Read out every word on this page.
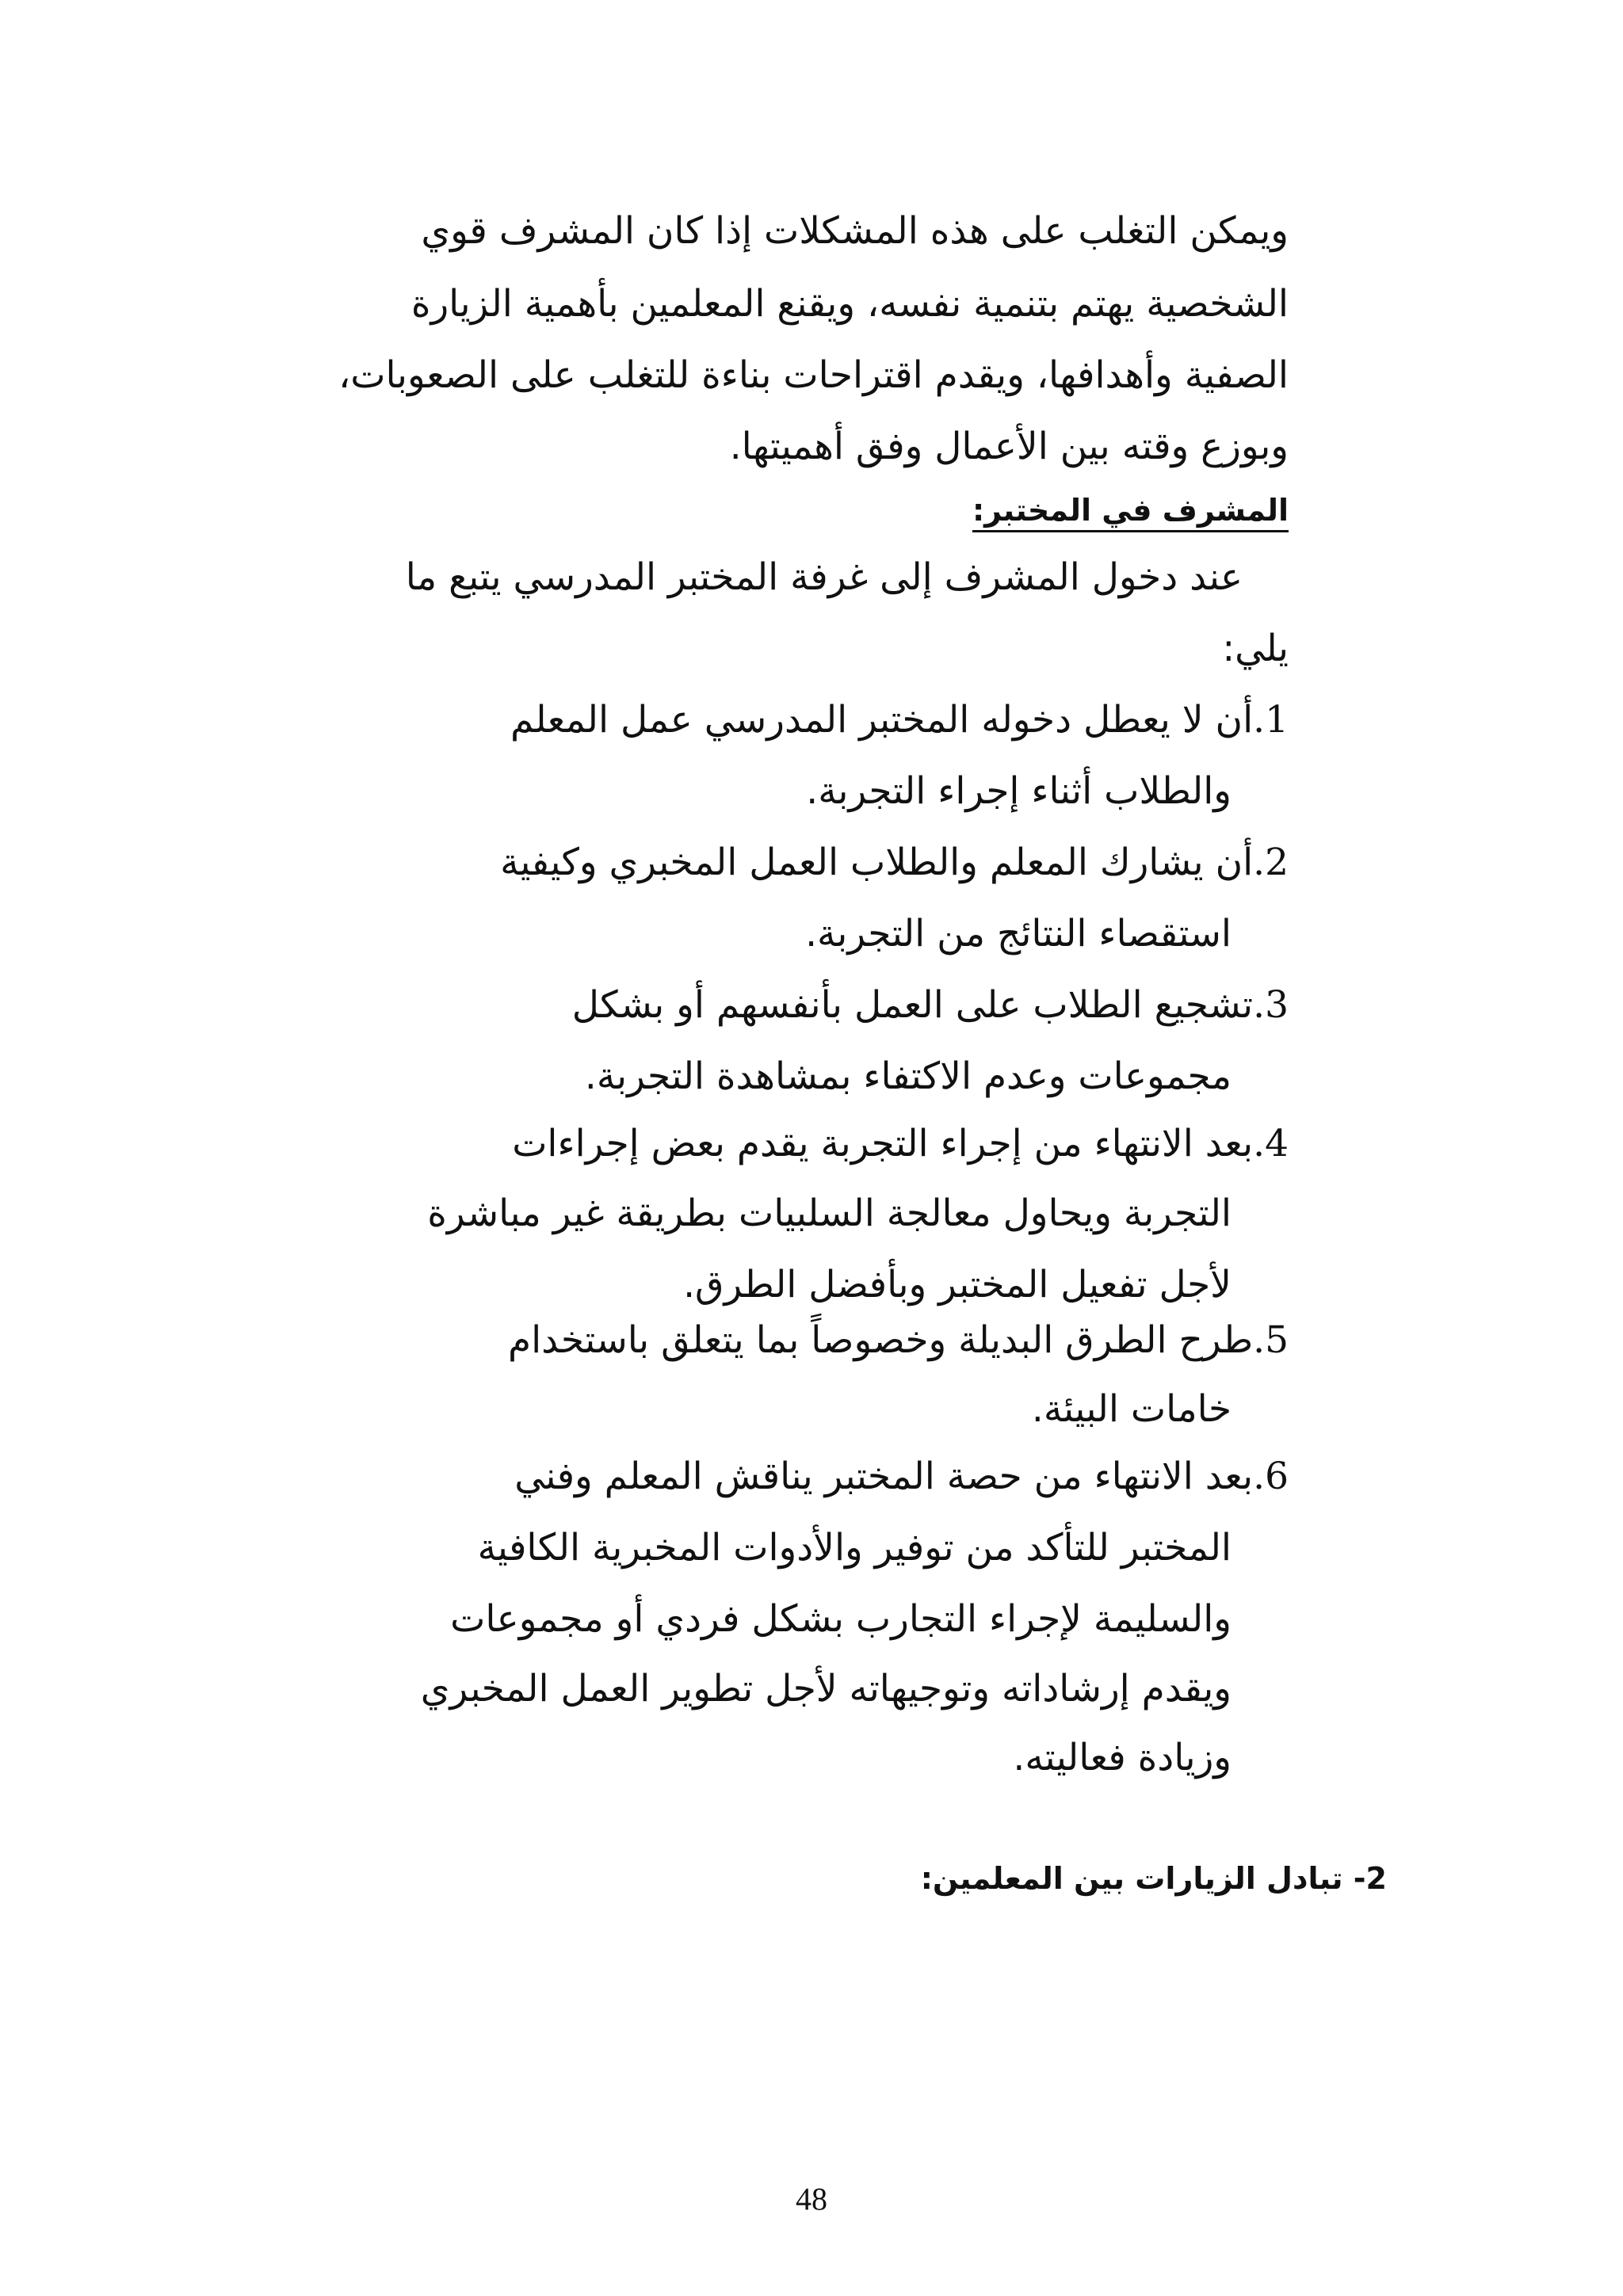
ويمكن التغلب على هذه المشكلات إذا كان المشرف قوي
الشخصية يهتم بتنمية نفسه، ويقنع المعلمين بأهمية الزيارة
الصفية وأهدافها، ويقدم اقتراحات بناءة للتغلب على الصعوبات،
وبوزع وقته بين الأعمال وفق أهميتها.
المشرف في المختبر:
عند دخول المشرف إلى غرفة المختبر المدرسي يتبع ما
يلي:
1.أن لا يعطل دخوله المختبر المدرسي عمل المعلم
والطلاب أثناء إجراء التجربة.
2.أن يشارك المعلم والطلاب العمل المخبري وكيفية
استقصاء النتائج من التجربة.
3.تشجيع الطلاب على العمل بأنفسهم أو بشكل
مجموعات وعدم الاكتفاء بمشاهدة التجربة.
4.بعد الانتهاء من إجراء التجربة يقدم بعض إجراءات
التجربة ويحاول معالجة السلبيات بطريقة غير مباشرة
لأجل تفعيل المختبر وبأفضل الطرق.
5.طرح الطرق البديلة وخصوصاً بما يتعلق باستخدام
خامات البيئة.
6.بعد الانتهاء من حصة المختبر يناقش المعلم وفني
المختبر للتأكد من توفير والأدوات المخبرية الكافية
والسليمة لإجراء التجارب بشكل فردي أو مجموعات
ويقدم إرشاداته وتوجيهاته لأجل تطوير العمل المخبري
وزيادة فعاليته.
2- تبادل الزيارات بين المعلمين:
48
